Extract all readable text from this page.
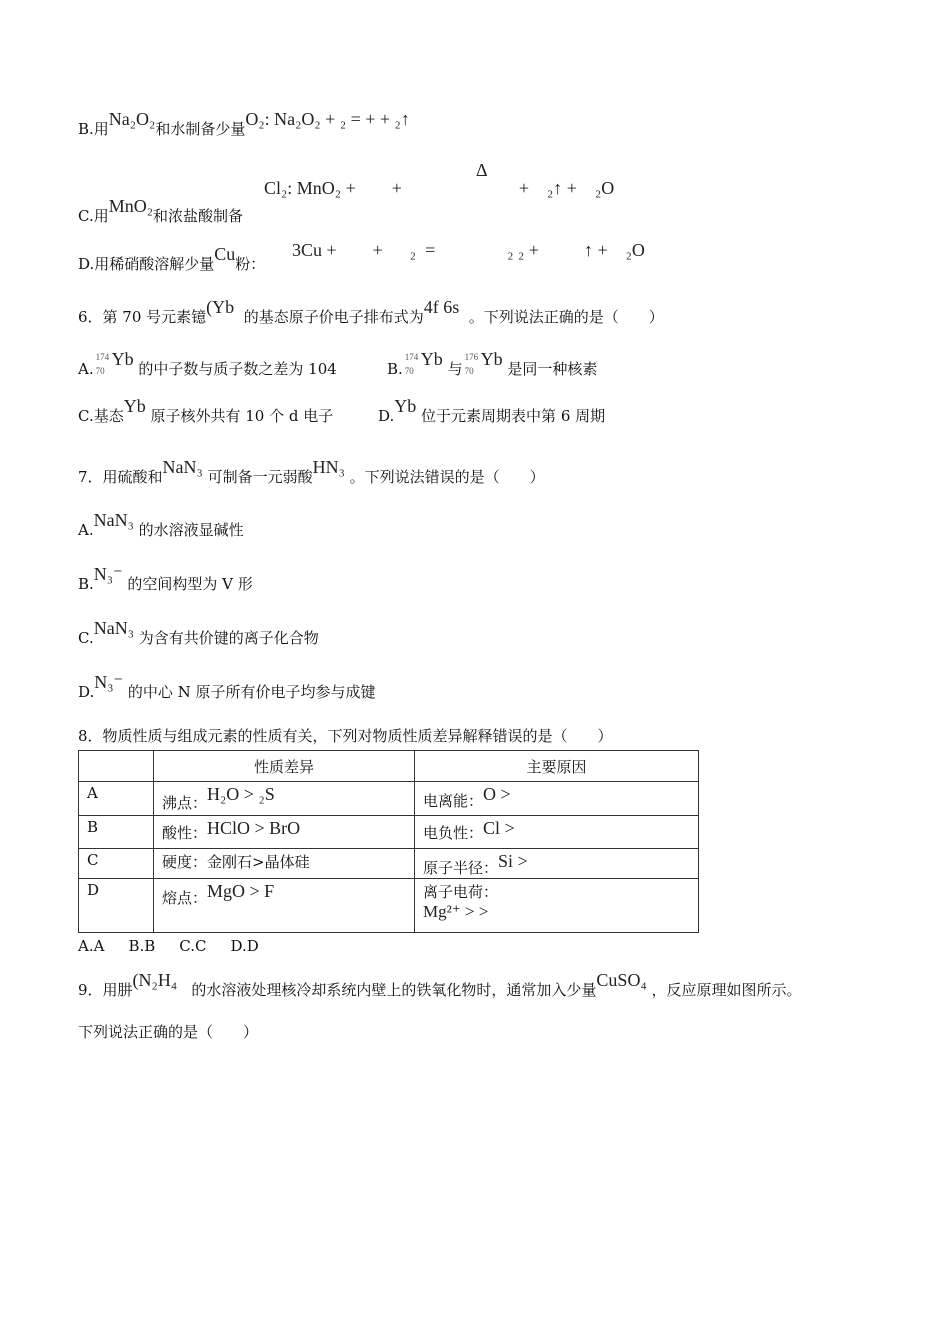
B.用Na₂O₂和水制备少量O₂: Na₂O₂ + ₂ = + + ₂↑
Δ
Cl₂: MnO₂ +        +                          +    ₂↑ +    ₂O
C.用MnO₂和浓盐酸制备
D.用稀硝酸溶解少量Cu粉：
3Cu +        +      ₂  =                ₂ ₂ +          ↑ +    ₂O
6．第 70 号元素镱(Yb 的基态原子价电子排布式为4f 6s 。下列说法正确的是（　　）
A.
174
70
Yb 的中子数与质子数之差为 104	B.
174
70
Yb 与
176
70
Yb 是同一种核素
C.基态Yb 原子核外共有 10 个 d 电子	D.Yb 位于元素周期表中第 6 周期
7．用硫酸和NaN₃ 可制备一元弱酸HN₃ 。下列说法错误的是（　　）
A.NaN₃ 的水溶液显碱性
B.N₃⁻ 的空间构型为 V 形
C.NaN₃ 为含有共价键的离子化合物
D.N₃⁻ 的中心 N 原子所有价电子均参与成键
8．物质性质与组成元素的性质有关，下列对物质性质差异解释错误的是（　　）
	性质差异	主要原因
A	沸点：H₂O > ₂S	电离能：O >
B	酸性：HClO > BrO	电负性：Cl >
C	硬度：金刚石>晶体硅	原子半径：Si >
D	熔点：MgO > F	离子电荷：
Mg²⁺ > >
A.A B.B C.C D.D
9．用肼(N₂H₄ 的水溶液处理核冷却系统内壁上的铁氧化物时，通常加入少量CuSO₄ ，反应原理如图所示。
下列说法正确的是（　　）
